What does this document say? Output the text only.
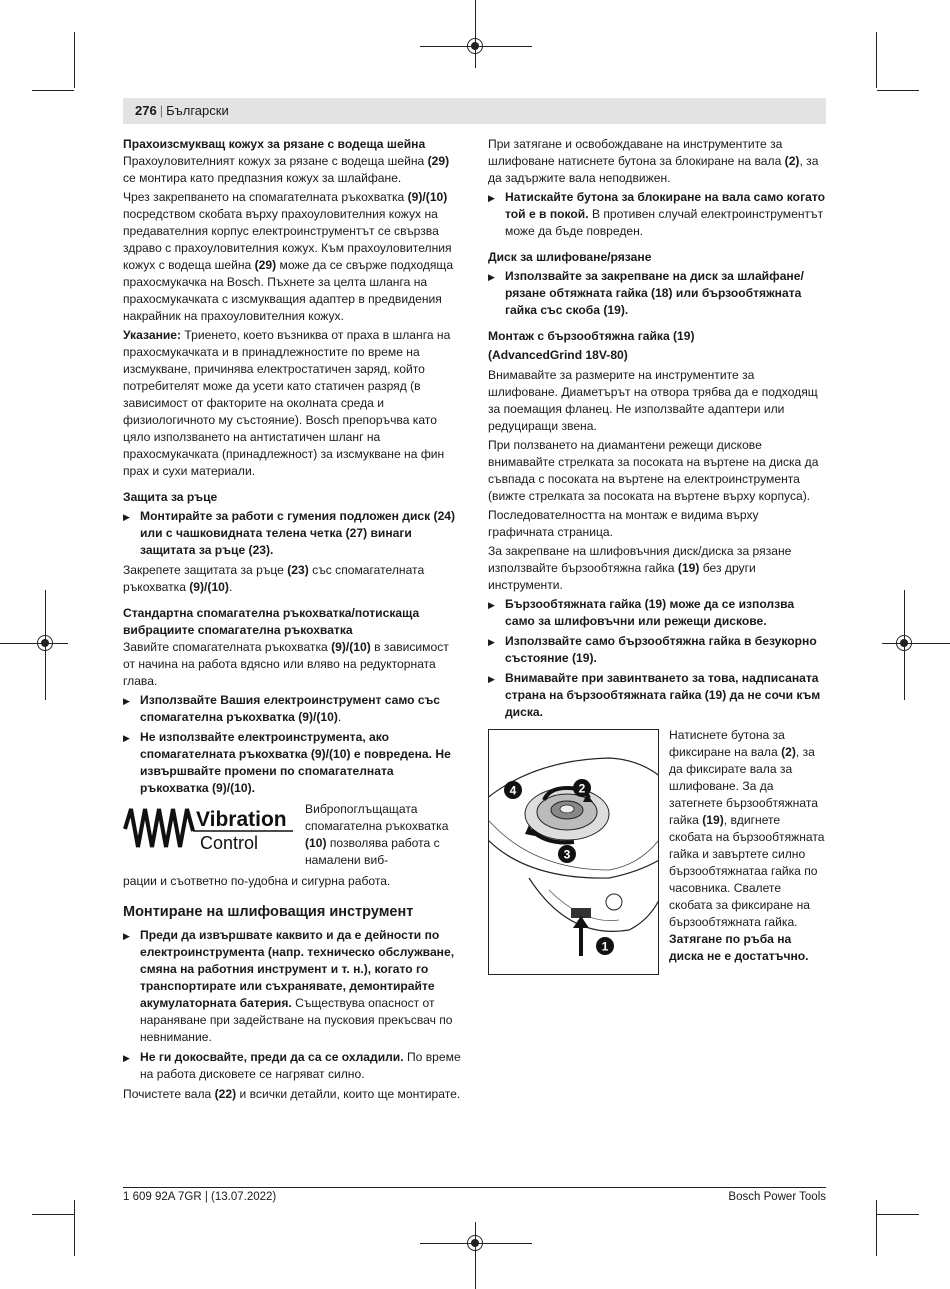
276 | Български

Прахоизсмукващ кожух за рязане с водеща шейна

Прахоуловителният кожух за рязане с водеща шейна (29) се монтира като предпазния кожух за шлайфане.

Чрез закрепването на спомагателната ръкохватка (9)/(10) посредством скобата върху прахоуловителния кожух на предавателния корпус електроинструментът се свързва здраво с прахоуловителния кожух. Към прахоуловителния кожух с водеща шейна (29) може да се свърже подходяща прахосмукачка на Bosch. Пъхнете за целта шланга на прахосмукачката с изсмукващия адаптер в предвидения накрайник на прахоуловителния кожух.

Указание: Триенето, което възниква от праха в шланга на прахосмукачката и в принадлежностите по време на изсмукване, причинява електростатичен заряд, който потребителят може да усети като статичен разряд (в зависимост от факторите на околната среда и физиологичното му състояние). Bosch препоръчва като цяло използването на антистатичен шланг на прахосмукачката (принадлежност) за изсмукване на фин прах и сухи материали.

Защита за ръце

▶ Монтирайте за работи с гумения подложен диск (24) или с чашковидната телена четка (27) винаги защитата за ръце (23).

Закрепете защитата за ръце (23) със спомагателната ръкохватка (9)/(10).

Стандартна спомагателна ръкохватка/потискаща вибрациите спомагателна ръкохватка

Завийте спомагателната ръкохватка (9)/(10) в зависимост от начина на работа вдясно или вляво на редукторната глава.

▶ Използвайте Вашия електроинструмент само със спомагателна ръкохватка (9)/(10).
▶ Не използвайте електроинструмента, ако спомагателната ръкохватка (9)/(10) е повредена. Не извършвайте промени по спомагателната ръкохватка (9)/(10).
Vibration
Control
Вибропоглъщащата спомагателна ръкохватка (10) позволява работа с намалени виб-

рации и съответно по-удобна и сигурна работа.

Монтиране на шлифоващия инструмент

▶ Преди да извършвате каквито и да е дейности по електроинструмента (напр. техническо обслужване, смяна на работния инструмент и т. н.), когато го транспортирате или съхранявате, демонтирайте акумулаторната батерия. Съществува опасност от нараняване при задействане на пусковия прекъсвач по невнимание.
▶ Не ги докосвайте, преди да са се охладили. По време на работа дисковете се нагряват силно.

Почистете вала (22) и всички детайли, които ще монтирате.

При затягане и освобождаване на инструментите за шлифоване натиснете бутона за блокиране на вала (2), за да задържите вала неподвижен.

▶ Натискайте бутона за блокиране на вала само когато той е в покой. В противен случай електроинструментът може да бъде повреден.

Диск за шлифоване/рязане

▶ Използвайте за закрепване на диск за шлайфане/рязане обтяжната гайка (18) или бързообтяжната гайка със скоба (19).

Монтаж с бързообтяжна гайка (19)

(AdvancedGrind 18V-80)

Внимавайте за размерите на инструментите за шлифоване. Диаметърът на отвора трябва да е подходящ за поемащия фланец. Не използвайте адаптери или редуциращи звена.

При ползването на диамантени режещи дискове внимавайте стрелката за посоката на въртене на диска да съвпада с посоката на въртене на електроинструмента (вижте стрелката за посоката на въртене върху корпуса).

Последователността на монтаж е видима върху графичната страница.

За закрепване на шлифовъчния диск/диска за рязане използвайте бързообтяжна гайка (19) без други инструменти.

▶ Бързообтяжната гайка (19) може да се използва само за шлифовъчни или режещи дискове.
▶ Използвайте само бързообтяжна гайка в безукорно състояние (19).
▶ Внимавайте при завинтването за това, надписаната страна на бързообтяжната гайка (19) да не сочи към диска.
1
2
3
4
Натиснете бутона за фиксиране на вала (2), за да фиксирате вала за шлифоване. За да затегнете бързообтяжната гайка (19), вдигнете скобата на бързообтяжната гайка и завъртете силно бързообтяжнатаа гайка по часовника. Свалете скобата за фиксиране на бързообтяжната гайка. Затягане по ръба на диска не е достатъчно.
1 609 92A 7GR | (13.07.2022)	Bosch Power Tools
